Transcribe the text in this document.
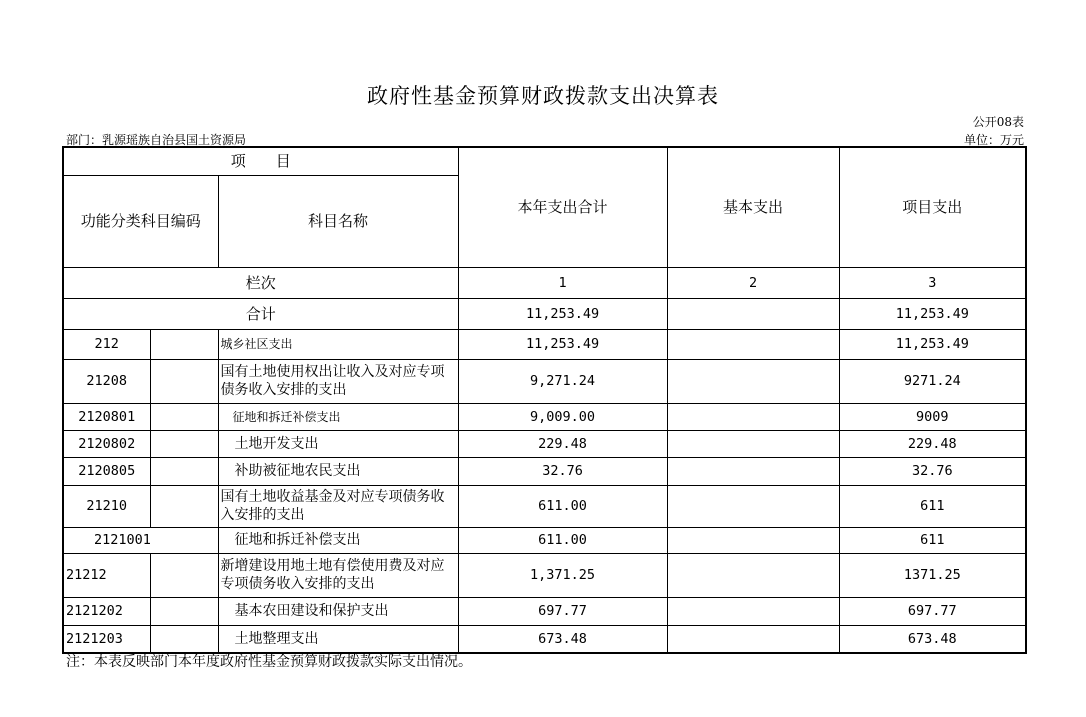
政府性基金预算财政拨款支出决算表
公开08表
部门：乳源瑶族自治县国土资源局	单位：万元
项　　目			本年支出合计	基本支出	项目支出
功能分类科目编码		科目名称			
栏次			1	2	3
合计			11,253.49		11,253.49
212		城乡社区支出	11,253.49		11,253.49
21208		国有土地使用权出让收入及对应专项债务收入安排的支出	9,271.24		9271.24
2120801		征地和拆迁补偿支出	9,009.00		9009
2120802		土地开发支出	229.48		229.48
2120805		补助被征地农民支出	32.76		32.76
21210		国有土地收益基金及对应专项债务收入安排的支出	611.00		611
2121001		征地和拆迁补偿支出	611.00		611
21212		新增建设用地土地有偿使用费及对应专项债务收入安排的支出	1,371.25		1371.25
2121202		基本农田建设和保护支出	697.77		697.77
2121203		土地整理支出	673.48		673.48
注：本表反映部门本年度政府性基金预算财政拨款实际支出情况。
